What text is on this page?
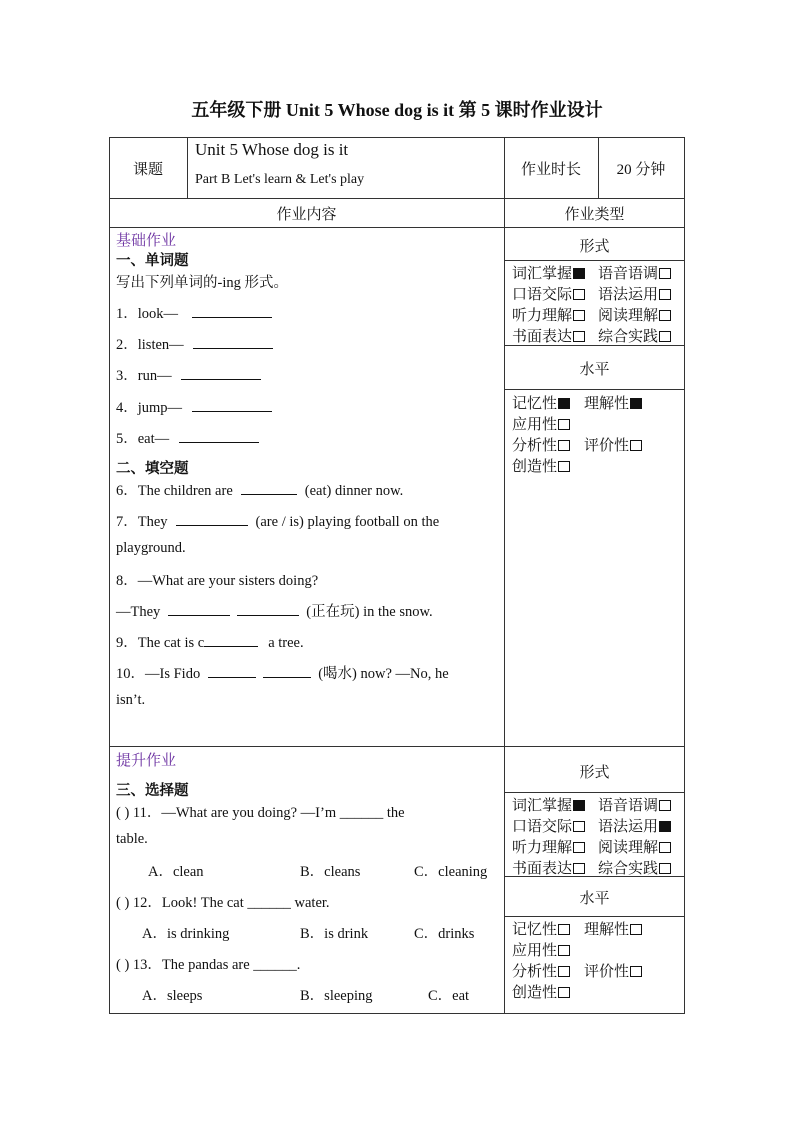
五年级下册 Unit 5 Whose dog is it 第 5 课时作业设计
课题
Unit 5 Whose dog is it
Part B Let's learn & Let's play
作业时长	20 分钟
作业内容	作业类型
基础作业
一、单词题
写出下列单词的-ing 形式。
1．look—
2．listen—
3．run—
4．jump—
5．eat—
二、填空题
6．The children are	(eat) dinner now.
7．They	(are / is) playing football on the
playground.
8．—What are your sisters doing?
—They	(正在玩) in the snow.
9．The cat is c	a tree.
10．—Is Fido	(喝水) now? —No, he
isn’t.
提升作业
三、选择题
( ) 11．—What are you doing? —I’m ______ the
table.
A．clean	B．cleans	C．cleaning
( ) 12．Look! The cat ______ water.
A．is drinking	B．is drink	C．drinks
( ) 13．The pandas are ______.
A．sleeps	B．sleeping	C．eat
形式
水平
形式
水平
词汇掌握	语音语调
口语交际	语法运用
听力理解	阅读理解
书面表达	综合实践
记忆性	理解性
应用性
分析性	评价性
创造性
词汇掌握	语音语调
口语交际	语法运用
听力理解	阅读理解
书面表达	综合实践
记忆性	理解性
应用性
分析性	评价性
创造性
